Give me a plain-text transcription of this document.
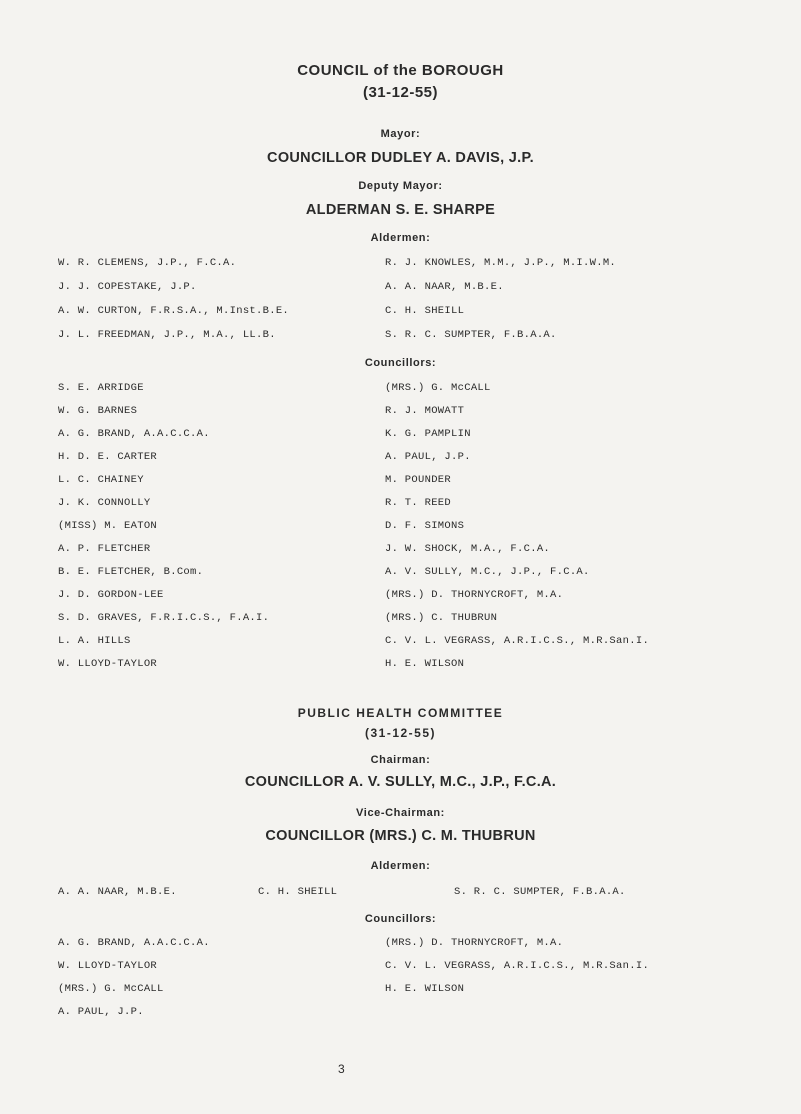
COUNCIL of the BOROUGH
(31-12-55)
Mayor:
COUNCILLOR DUDLEY A. DAVIS, J.P.
Deputy Mayor:
ALDERMAN S. E. SHARPE
Aldermen:
W. R. CLEMENS, J.P., F.C.A.
J. J. COPESTAKE, J.P.
A. W. CURTON, F.R.S.A., M.Inst.B.E.
J. L. FREEDMAN, J.P., M.A., LL.B.
R. J. KNOWLES, M.M., J.P., M.I.W.M.
A. A. NAAR, M.B.E.
C. H. SHEILL
S. R. C. SUMPTER, F.B.A.A.
Councillors:
S. E. ARRIDGE
W. G. BARNES
A. G. BRAND, A.A.C.C.A.
H. D. E. CARTER
L. C. CHAINEY
J. K. CONNOLLY
(MISS) M. EATON
A. P. FLETCHER
B. E. FLETCHER, B.Com.
J. D. GORDON-LEE
S. D. GRAVES, F.R.I.C.S., F.A.I.
L. A. HILLS
W. LLOYD-TAYLOR
(MRS.) G. McCALL
R. J. MOWATT
K. G. PAMPLIN
A. PAUL, J.P.
M. POUNDER
R. T. REED
D. F. SIMONS
J. W. SHOCK, M.A., F.C.A.
A. V. SULLY, M.C., J.P., F.C.A.
(MRS.) D. THORNYCROFT, M.A.
(MRS.) C. THUBRUN
C. V. L. VEGRASS, A.R.I.C.S., M.R.San.I.
H. E. WILSON
PUBLIC HEALTH COMMITTEE
(31-12-55)
Chairman:
COUNCILLOR A. V. SULLY, M.C., J.P., F.C.A.
Vice-Chairman:
COUNCILLOR (MRS.) C. M. THUBRUN
Aldermen:
A. A. NAAR, M.B.E.	C. H. SHEILL	S. R. C. SUMPTER, F.B.A.A.
Councillors:
A. G. BRAND, A.A.C.C.A.
W. LLOYD-TAYLOR
(MRS.) G. McCALL
A. PAUL, J.P.
(MRS.) D. THORNYCROFT, M.A.
C. V. L. VEGRASS, A.R.I.C.S., M.R.San.I.
H. E. WILSON
3
